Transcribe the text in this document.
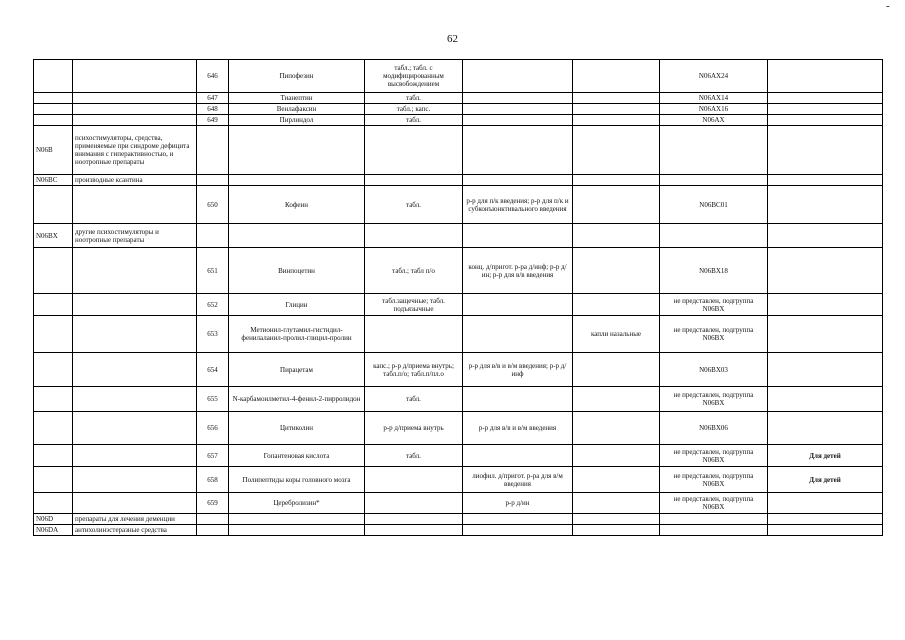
62
-
		646	Пипофезин	табл.; табл. с модифицированным высвобождением			N06AX24	
		647	Тианептин	табл.			N06AX14	
		648	Венлафаксин	табл.; капс.			N06AX16	
		649	Пирлиндол	табл.			N06AX	
N06B	психостимуляторы, средства, применяемые при синдроме дефицита внимания с гиперактивностью, и ноотропные препараты							
N06BC	производные ксантина							
		650	Кофеин	табл.	р-р для п/к введения; р-р для п/к и субконъюнктивального введения		N06BC01	
N06BX	другие психостимуляторы и ноотропные препараты							
		651	Винпоцетин	табл.; табл п/о	конц. д/пригот. р-ра д/инф; р-р д/ин; р-р для в/в введения		N06BX18	
		652	Глицин	табл.защечные; табл. подъязычные			не представлен, подгруппа N06BX	
		653	Метионил-глутамил-гистидил-фенилаланил-пролил-глицил-пролин			капли назальные	не представлен, подгруппа N06BX	
		654	Пирацетам	капс.; р-р д/приема внутрь; табл.п/о; табл.п/пл.о	р-р для в/в и в/м введения; р-р д/инф		N06BX03	
		655	N-карбамоилметил-4-фенил-2-пирролидон	табл.			не представлен, подгруппа N06BX	
		656	Цитиколин	р-р д/приема внутрь	р-р для в/в и в/м введения		N06BX06	
		657	Гопантеновая кислота	табл.			не представлен, подгруппа N06BX	Для детей
		658	Полипептиды коры головного мозга		лиофил. д/пригот. р-ра для в/м введения		не представлен, подгруппа N06BX	Для детей
		659	Церебролизин*		р-р д/ин		не представлен, подгруппа N06BX	
N06D	препараты для лечения деменции							
N06DA	антихолинэстеразные средства							
